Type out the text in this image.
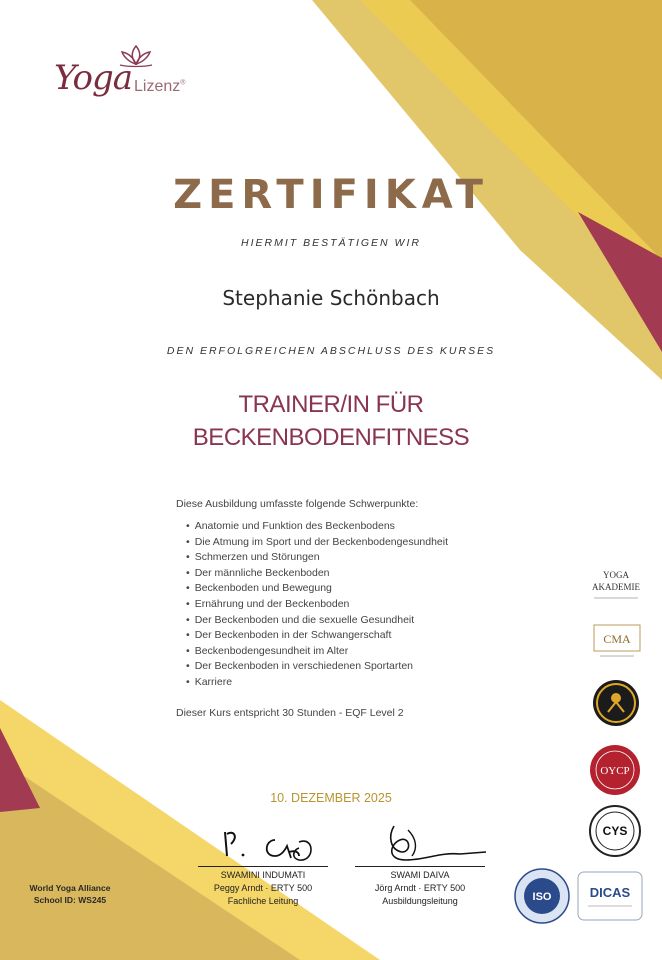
Yoga Lizenz®
ZERTIFIKAT
HIERMIT BESTÄTIGEN WIR
Stephanie Schönbach
DEN ERFOLGREICHEN ABSCHLUSS DES KURSES
TRAINER/IN FÜR
BECKENBODENFITNESS
Diese Ausbildung umfasste folgende Schwerpunkte:
• Anatomie und Funktion des Beckenbodens
• Die Atmung im Sport und der Beckenbodengesundheit
• Schmerzen und Störungen
• Der männliche Beckenboden
• Beckenboden und Bewegung
• Ernährung und der Beckenboden
• Der Beckenboden und die sexuelle Gesundheit
• Der Beckenboden in der Schwangerschaft
• Beckenbodengesundheit im Alter
• Der Beckenboden in verschiedenen Sportarten
• Karriere
Dieser Kurs entspricht 30 Stunden - EQF Level 2
10. DEZEMBER 2025
SWAMINI INDUMATI
Peggy Arndt · ERTY 500
Fachliche Leitung
SWAMI DAIVA
Jörg Arndt · ERTY 500
Ausbildungsleitung
World Yoga Alliance
School ID: WS245
YOGA
AKADEMIE
CMA
OYCP
CYS
ISO	DICAS
